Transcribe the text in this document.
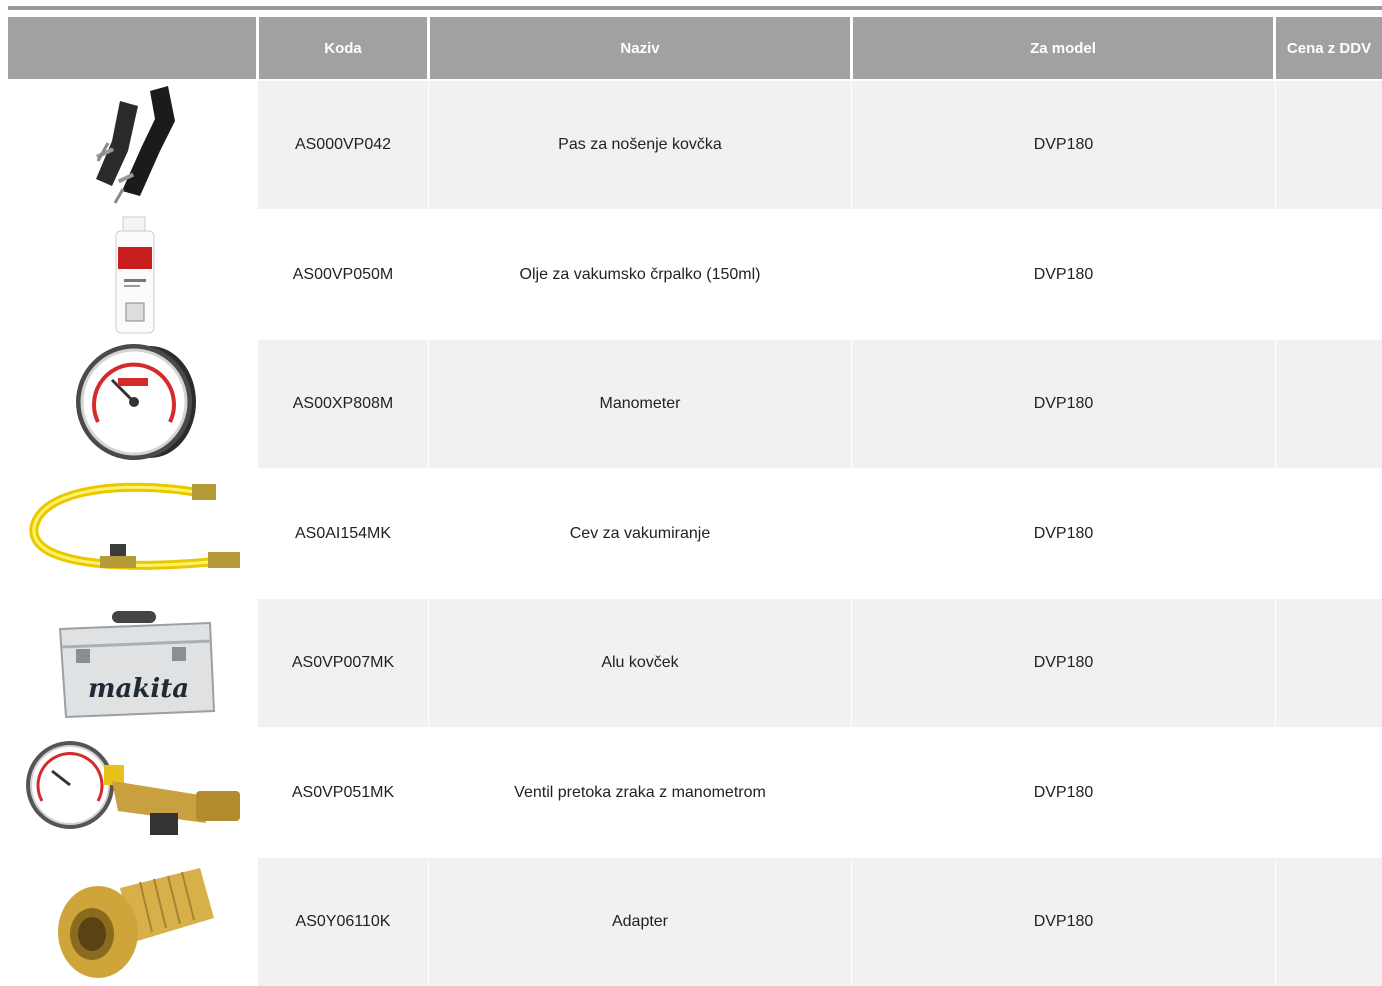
Koda	Naziv	Za model	Cena z DDV
AS000VP042	Pas za nošenje kovčka	DVP180
AS00VP050M	Olje za vakumsko črpalko (150ml)	DVP180
AS00XP808M	Manometer	DVP180
AS0AI154MK	Cev za vakumiranje	DVP180
makita
AS0VP007MK	Alu kovček	DVP180
AS0VP051MK	Ventil pretoka zraka z manometrom	DVP180
AS0Y06110K	Adapter	DVP180
